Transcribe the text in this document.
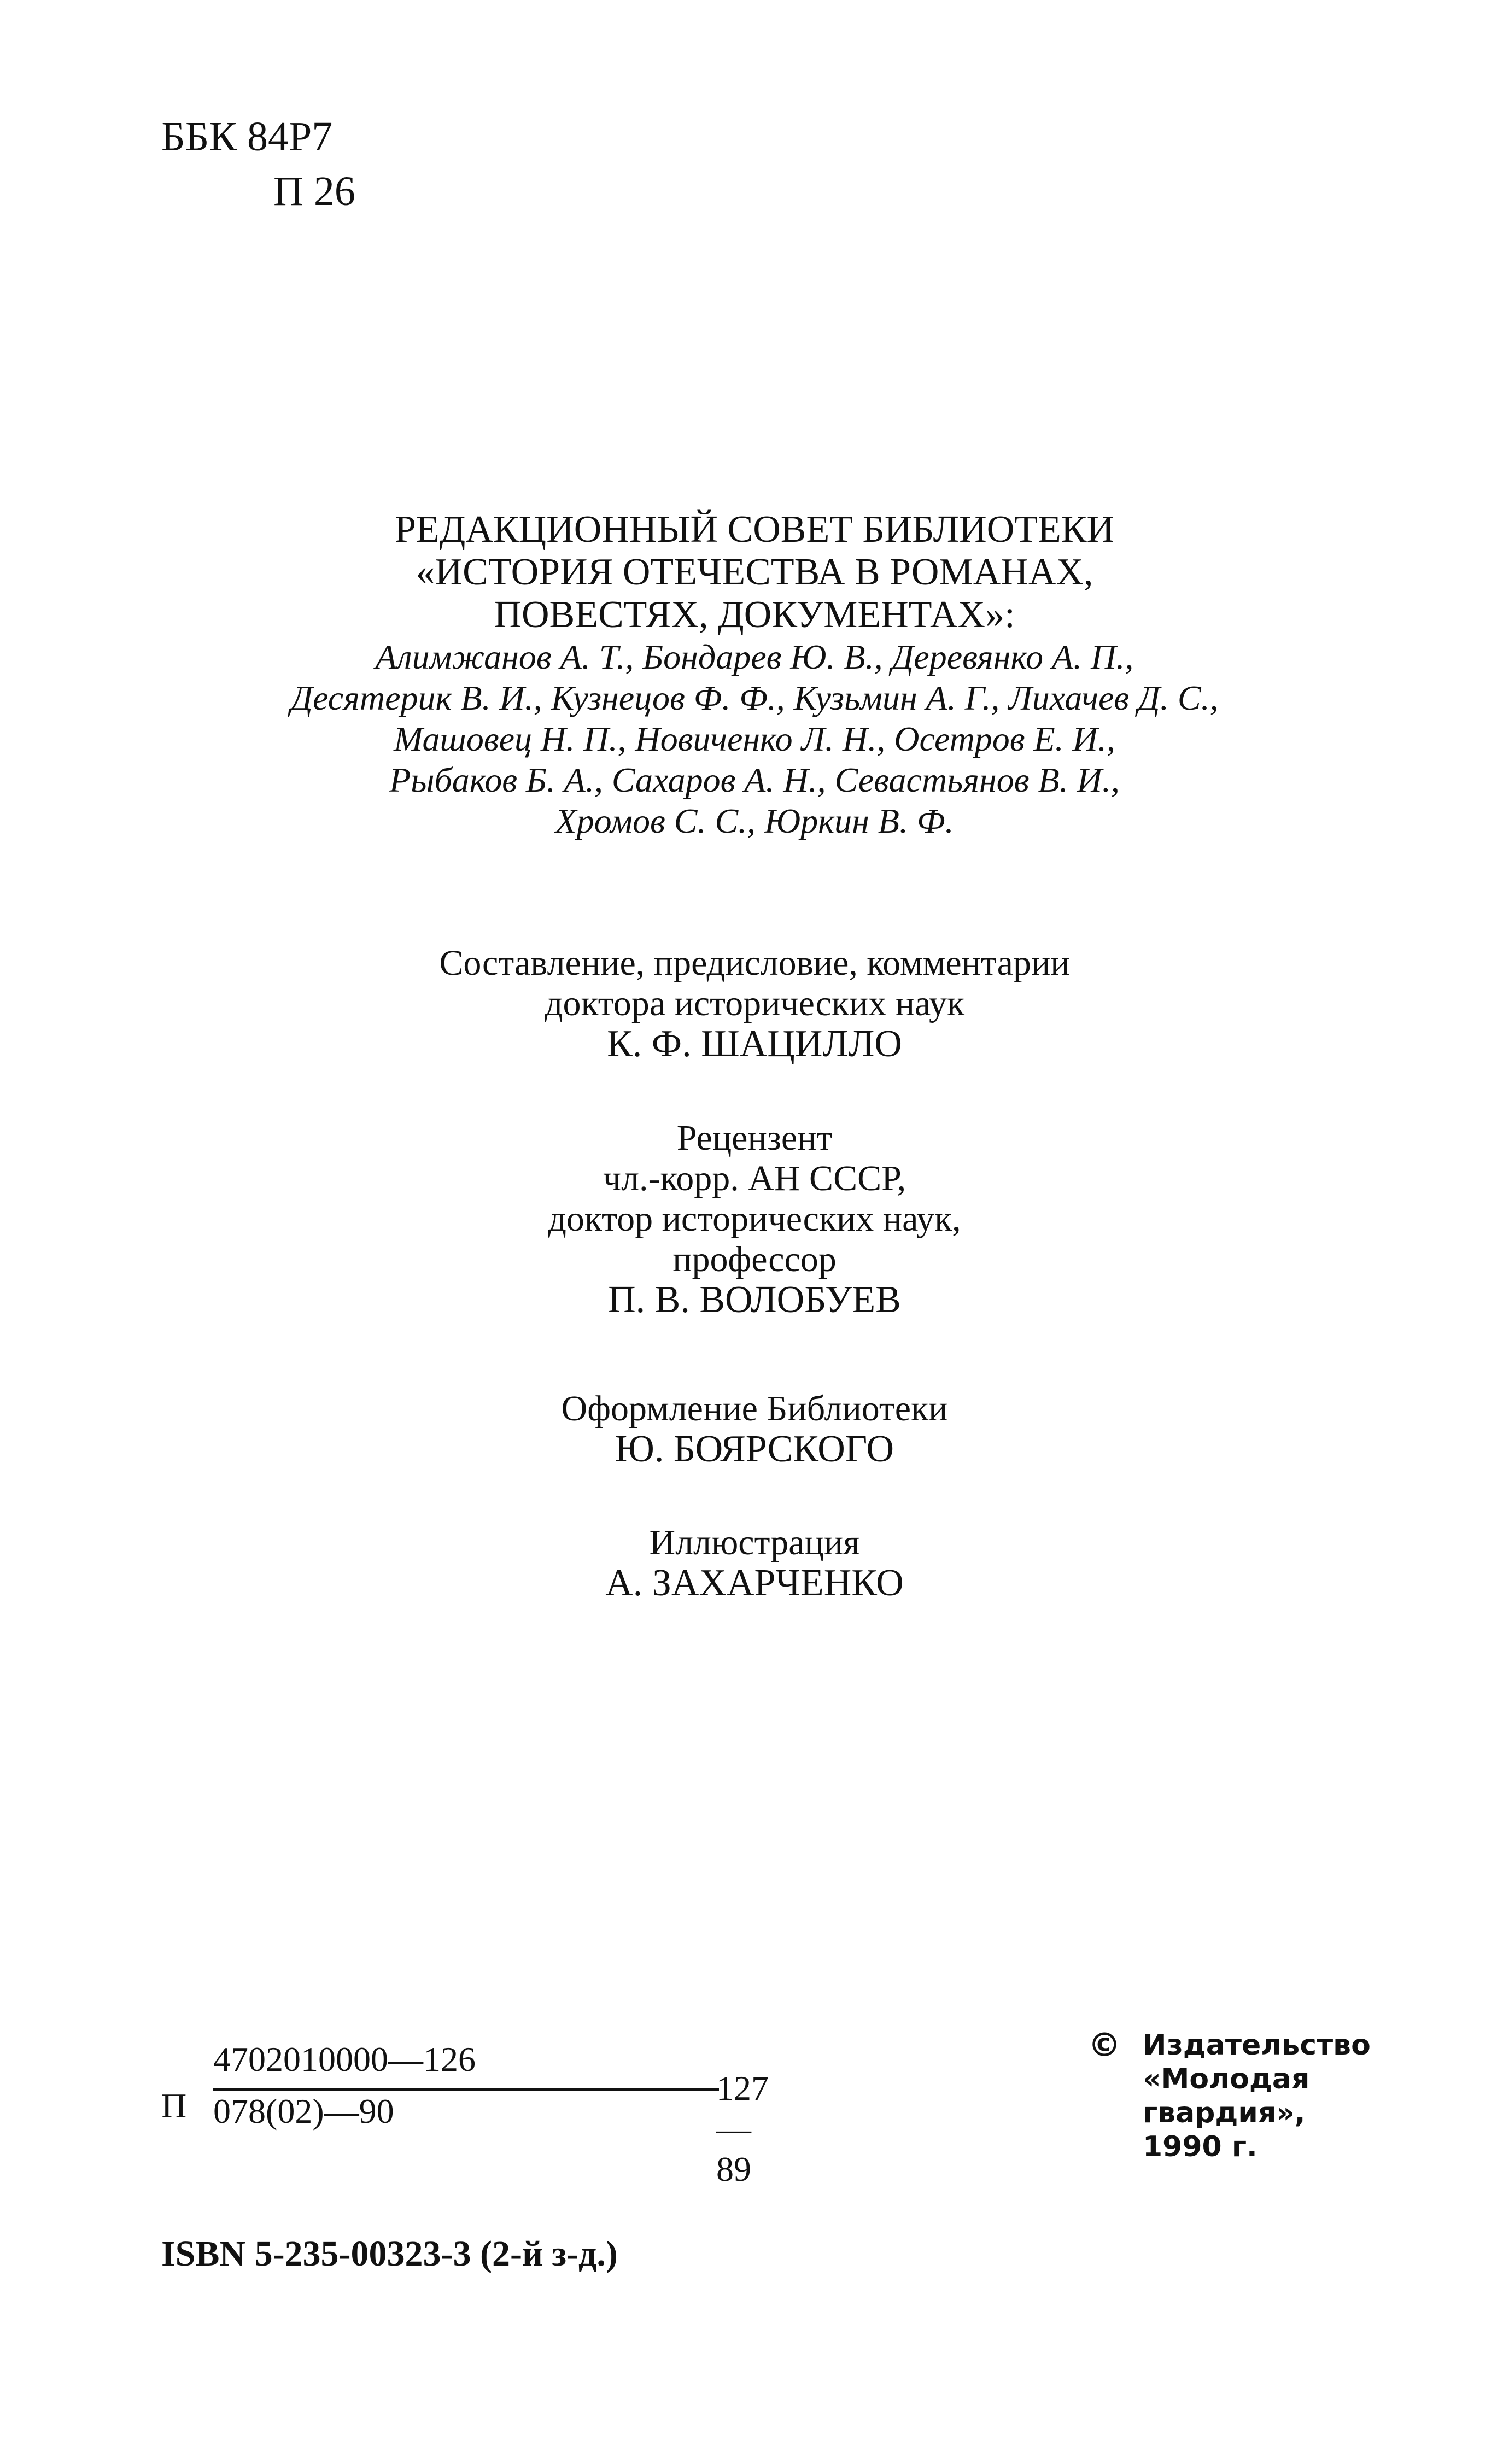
ББК 84Р7

П 26

РЕДАКЦИОННЫЙ СОВЕТ БИБЛИОТЕКИ

«ИСТОРИЯ ОТЕЧЕСТВА В РОМАНАХ,

ПОВЕСТЯХ, ДОКУМЕНТАХ»:

Алимжанов А. Т., Бондарев Ю. В., Деревянко А. П.,

Десятерик В. И., Кузнецов Ф. Ф., Кузьмин А. Г., Лихачев Д. С.,

Машовец Н. П., Новиченко Л. Н., Осетров Е. И.,

Рыбаков Б. А., Сахаров А. Н., Севастьянов В. И.,

Хромов С. С., Юркин В. Ф.

Составление, предисловие, комментарии

доктора исторических наук

К. Ф. ШАЦИЛЛО

Рецензент

чл.-корр. АН СССР,

доктор исторических наук,

профессор

П. В. ВОЛОБУЕВ

Оформление Библиотеки

Ю. БОЯРСКОГО

Иллюстрация

А. ЗАХАРЧЕНКО

П
4702010000—126
078(02)—90
127—89
© Издательство
«Молодая
гвардия»,
1990 г.
ISBN 5-235-00323-3 (2-й з-д.)
